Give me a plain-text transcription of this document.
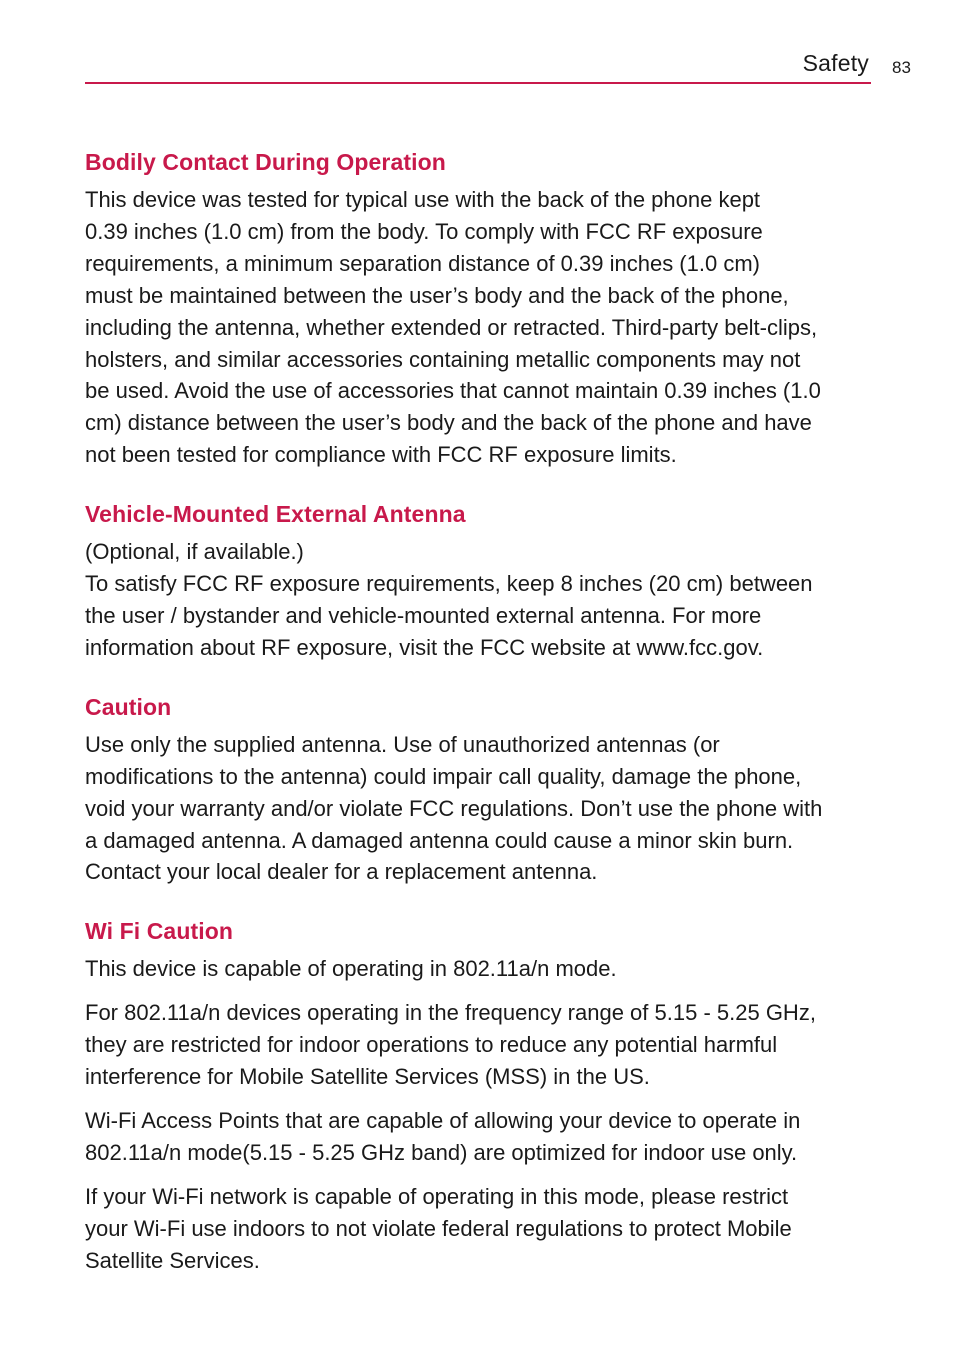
Safety 83
Bodily Contact During Operation

This device was tested for typical use with the back of the phone kept
0.39 inches (1.0 cm) from the body. To comply with FCC RF exposure
requirements, a minimum separation distance of 0.39 inches (1.0 cm)
must be maintained between the user’s body and the back of the phone,
including the antenna, whether extended or retracted. Third-party belt-clips,
holsters, and similar accessories containing metallic components may not
be used. Avoid the use of accessories that cannot maintain 0.39 inches (1.0
cm) distance between the user’s body and the back of the phone and have
not been tested for compliance with FCC RF exposure limits.

Vehicle-Mounted External Antenna

(Optional, if available.)

To satisfy FCC RF exposure requirements, keep 8 inches (20 cm) between
the user / bystander and vehicle-mounted external antenna. For more
information about RF exposure, visit the FCC website at www.fcc.gov.

Caution

Use only the supplied antenna. Use of unauthorized antennas (or
modifications to the antenna) could impair call quality, damage the phone,
void your warranty and/or violate FCC regulations. Don’t use the phone with
a damaged antenna. A damaged antenna could cause a minor skin burn.
Contact your local dealer for a replacement antenna.

Wi Fi Caution

This device is capable of operating in 802.11a/n mode.

For 802.11a/n devices operating in the frequency range of 5.15 - 5.25 GHz,
they are restricted for indoor operations to reduce any potential harmful
interference for Mobile Satellite Services (MSS) in the US.

Wi-Fi Access Points that are capable of allowing your device to operate in
802.11a/n mode(5.15 - 5.25 GHz band) are optimized for indoor use only.

If your Wi-Fi network is capable of operating in this mode, please restrict
your Wi-Fi use indoors to not violate federal regulations to protect Mobile
Satellite Services.
